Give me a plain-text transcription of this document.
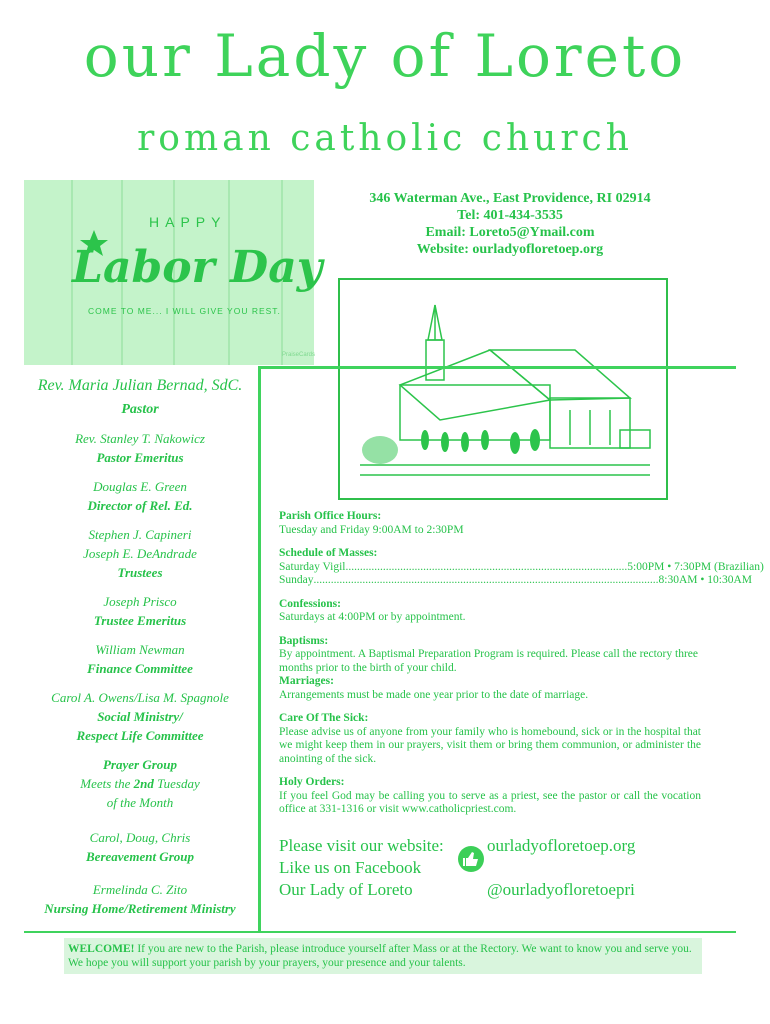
our Lady of Loreto
roman catholic church
HAPPY
Labor Day
COME TO ME... I WILL GIVE YOU REST.
PraiseCards
346 Waterman Ave., East Providence, RI 02914
Tel: 401-434-3535
Email: Loreto5@Ymail.com
Website: ourladyofloretoep.org
Rev. Maria Julian Bernad, SdC.
Pastor
Rev. Stanley T. Nakowicz
Pastor Emeritus
Douglas E. Green
Director of Rel. Ed.
Stephen J. Capineri
Joseph E. DeAndrade
Trustees
Joseph Prisco
Trustee Emeritus
William Newman
Finance Committee
Carol A. Owens/Lisa M. Spagnole
Social Ministry/
Respect Life Committee
Prayer Group
Meets the 2nd Tuesday
of the Month
Carol, Doug, Chris
Bereavement Group
Ermelinda C. Zito
Nursing Home/Retirement Ministry
Parish Office Hours:
Tuesday and Friday 9:00AM to 2:30PM
Schedule of Masses:
Saturday Vigil .................................................................................................. 5:00PM • 7:30PM (Brazilian)
Sunday ........................................................................................................................ 8:30AM • 10:30AM
Confessions:
Saturdays at 4:00PM or by appointment.
Baptisms:
By appointment. A Baptismal Preparation Program is required. Please call the rectory three months prior to the birth of your child.
Marriages:
Arrangements must be made one year prior to the date of marriage.
Care Of The Sick:
Please advise us of anyone from your family who is homebound, sick or in the hospital that we might keep them in our prayers, visit them or bring them communion, or administer the anointing of the sick.
Holy Orders:
If you feel God may be calling you to serve as a priest, see the pastor or call the vocation office at 331-1316 or visit www.catholicpriest.com.
Please visit our website:	ourladyofloretoep.org
Like us on Facebook
Our Lady of Loreto	@ourladyofloretoepri
WELCOME! If you are new to the Parish, please introduce yourself after Mass or at the Rectory. We want to know you and serve you. We hope you will support your parish by your prayers, your presence and your talents.
